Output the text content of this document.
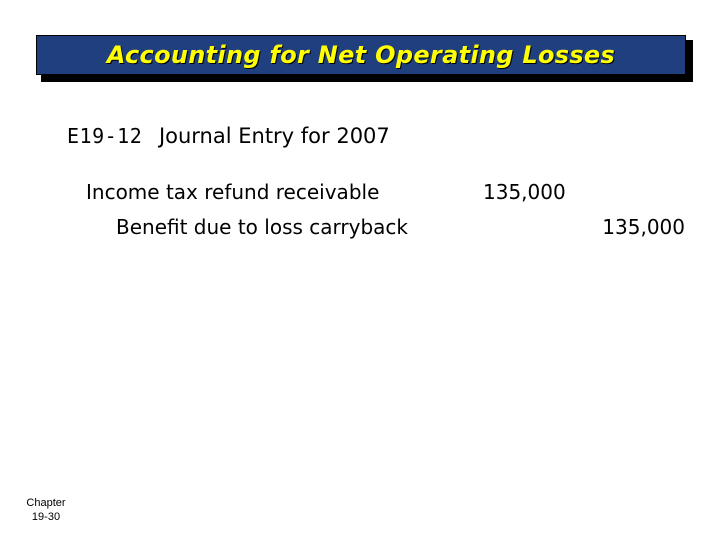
Accounting for Net Operating Losses
E19-12 Journal Entry for 2007
Income tax refund receivable	135,000
Benefit due to loss carryback	135,000
Chapter
19-30
